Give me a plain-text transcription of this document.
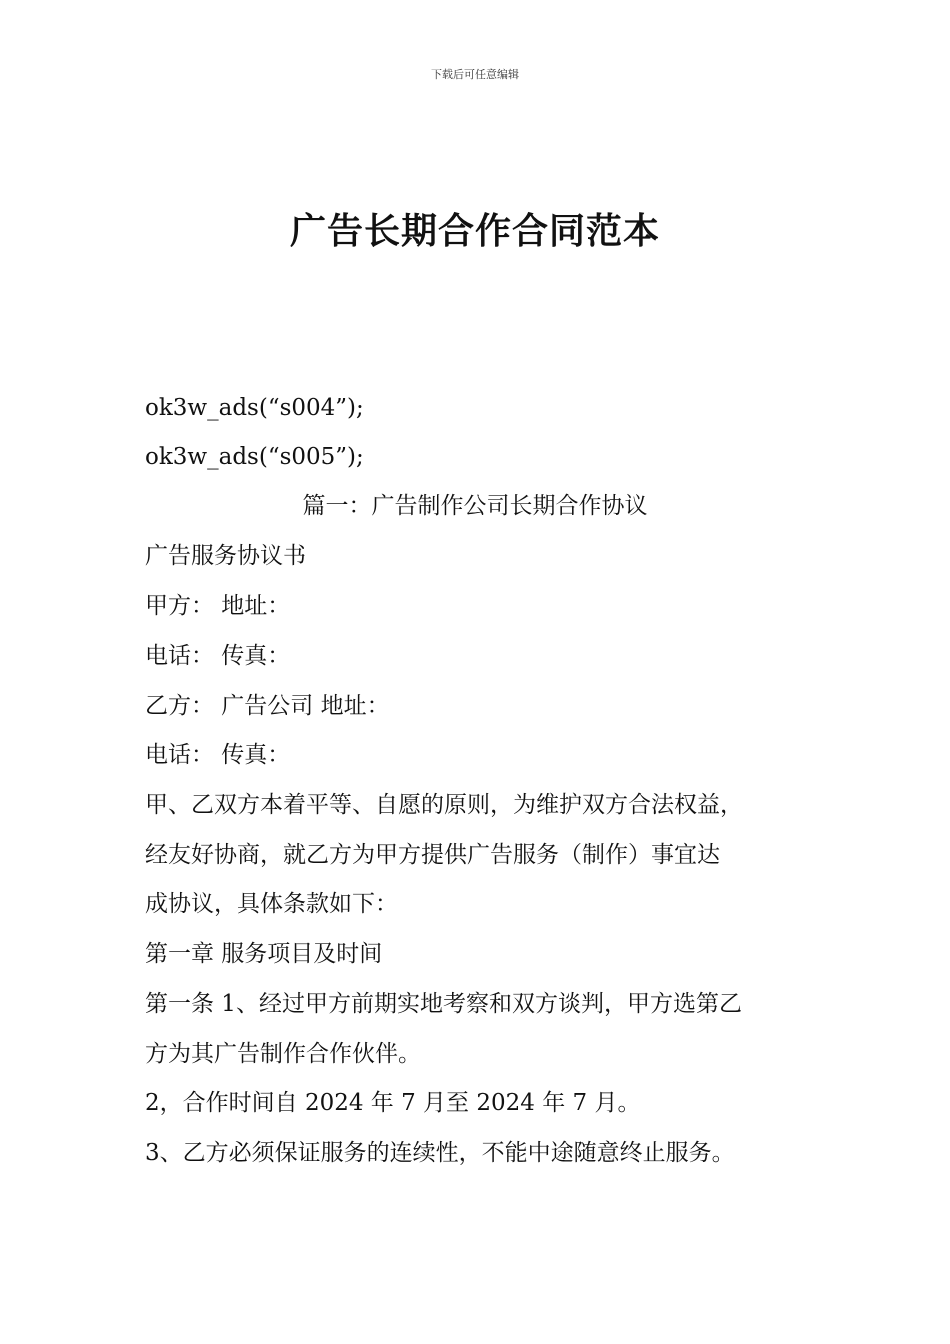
下载后可任意编辑
广告长期合作合同范本
ok3w_ads(“s004”);
ok3w_ads(“s005”);
篇一：广告制作公司长期合作协议
广告服务协议书
甲方： 地址：
电话： 传真：
乙方： 广告公司 地址：
电话： 传真：
甲、乙双方本着平等、自愿的原则，为维护双方合法权益，
经友好协商，就乙方为甲方提供广告服务（制作）事宜达
成协议，具体条款如下：
第一章 服务项目及时间
第一条 1、经过甲方前期实地考察和双方谈判，甲方选第乙
方为其广告制作合作伙伴。
2，合作时间自 2024 年 7 月至 2024 年 7 月。
3、乙方必须保证服务的连续性，不能中途随意终止服务。
